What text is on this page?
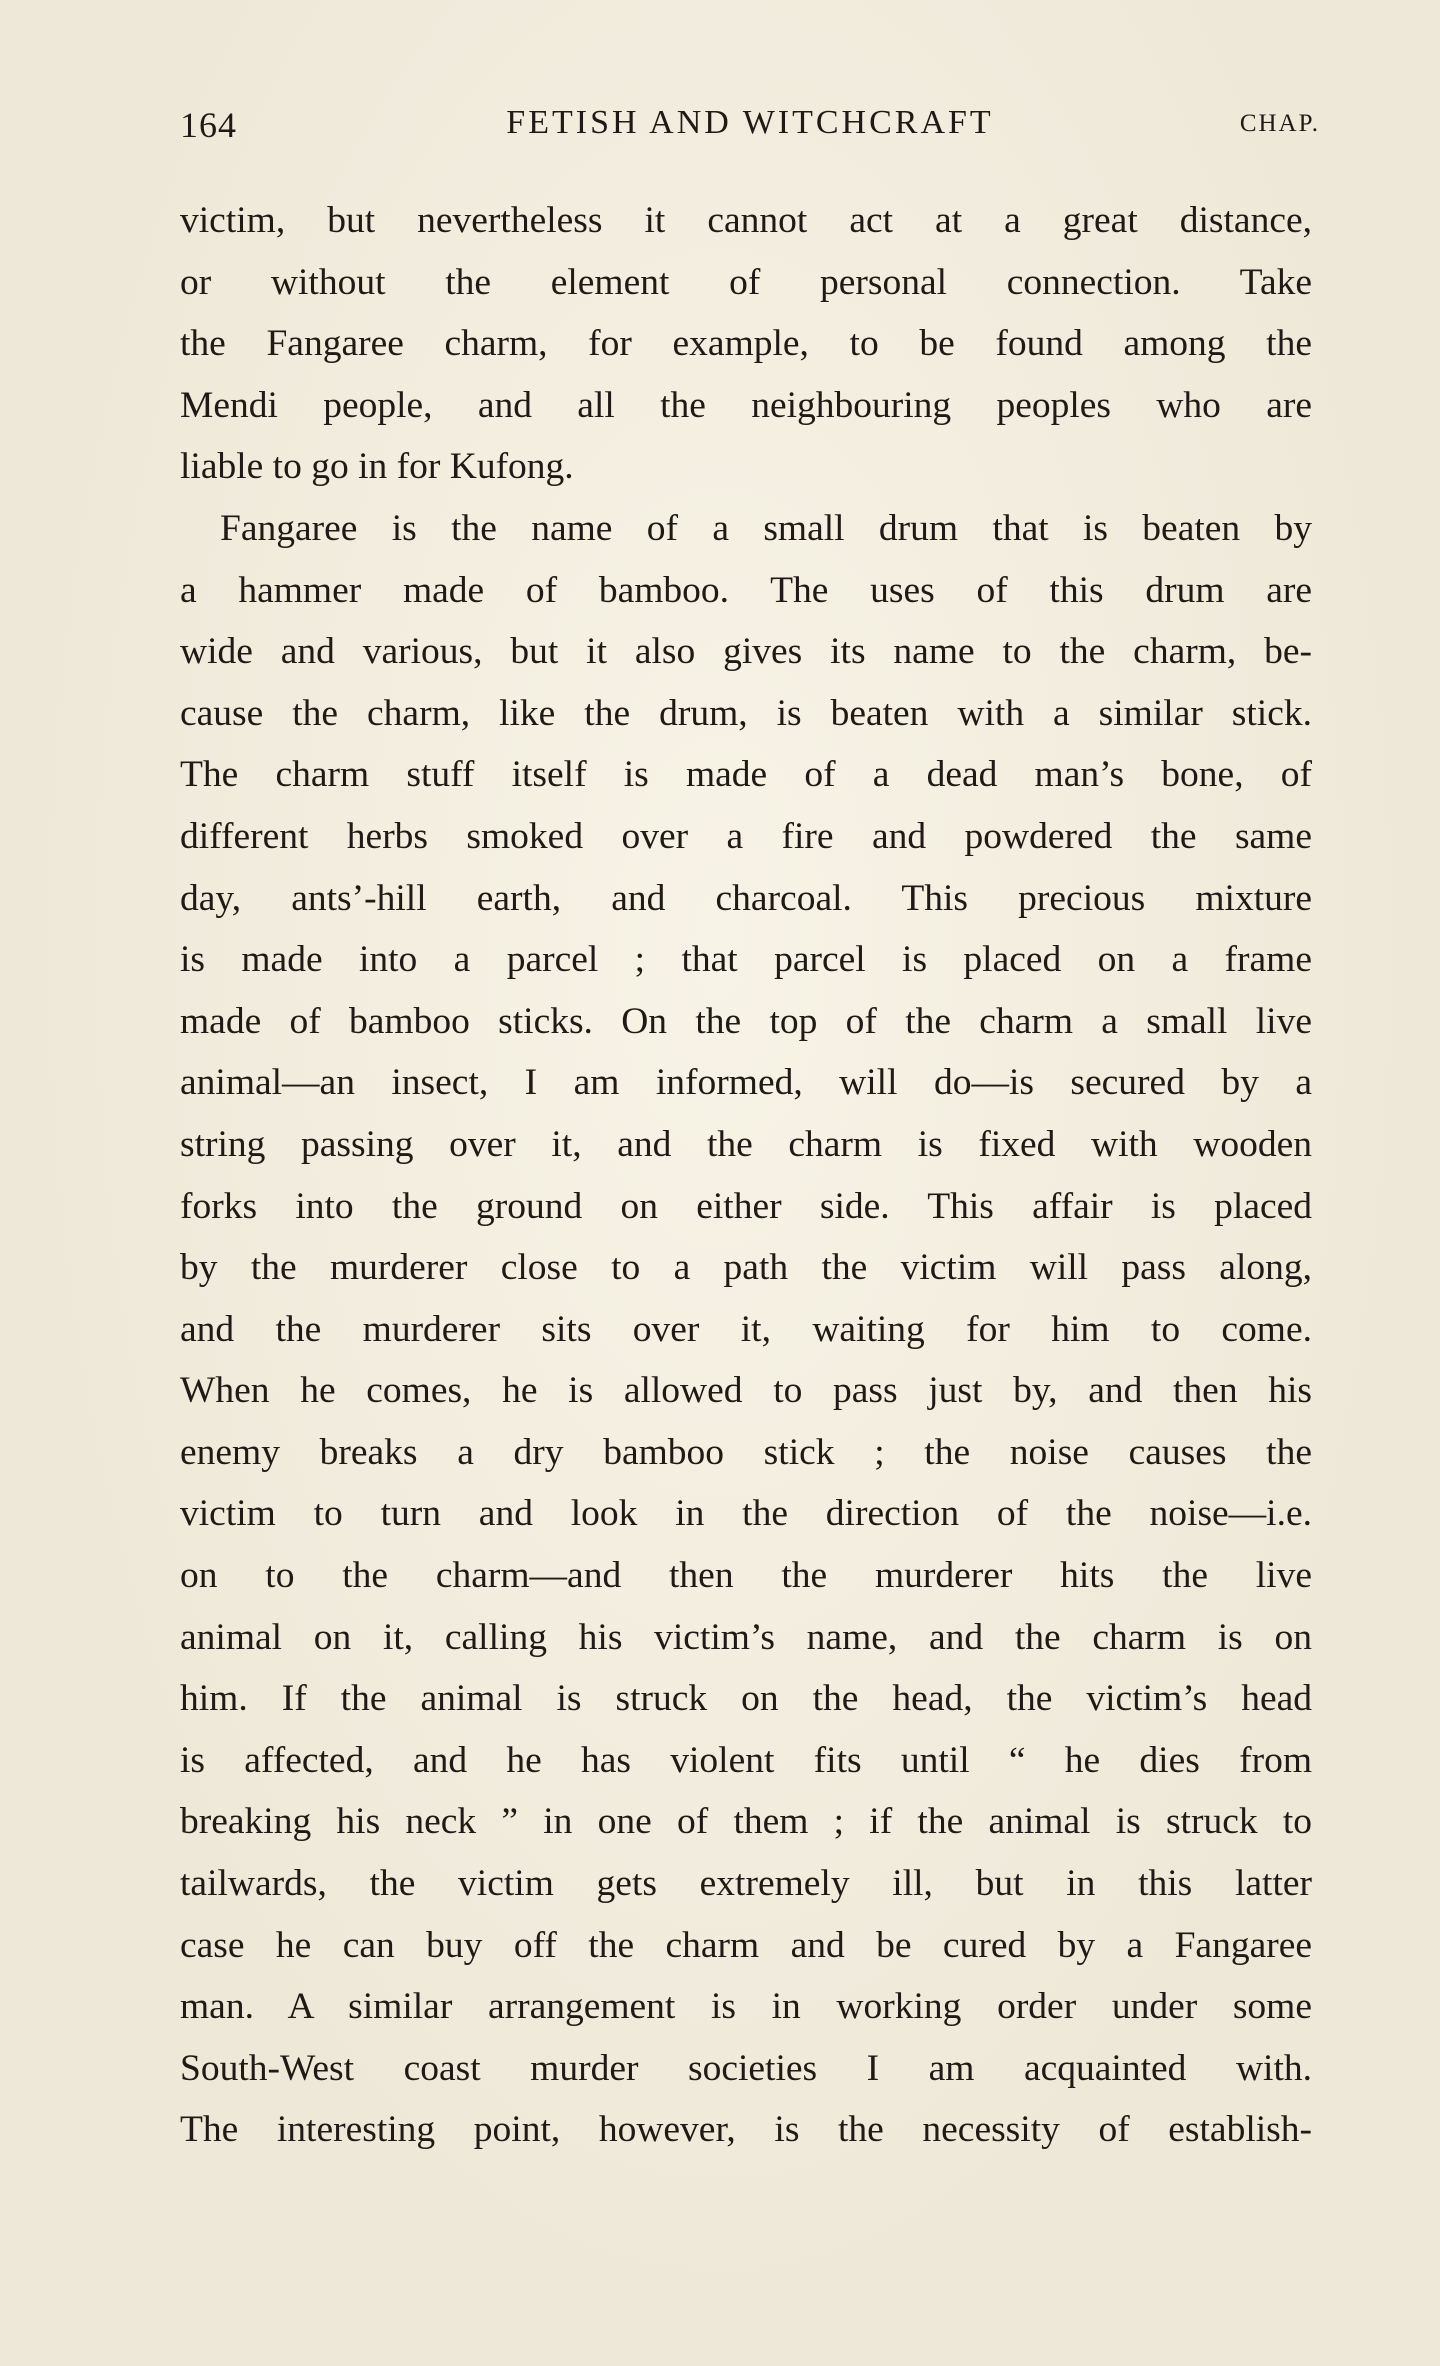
164	FETISH AND WITCHCRAFT	CHAP.
victim, but nevertheless it cannot act at a great distance,
or without the element of personal connection. Take
the Fangaree charm, for example, to be found among the
Mendi people, and all the neighbouring peoples who are
liable to go in for Kufong.
Fangaree is the name of a small drum that is beaten by
a hammer made of bamboo. The uses of this drum are
wide and various, but it also gives its name to the charm, be-
cause the charm, like the drum, is beaten with a similar stick.
The charm stuff itself is made of a dead man’s bone, of
different herbs smoked over a fire and powdered the same
day, ants’-hill earth, and charcoal. This precious mixture
is made into a parcel ; that parcel is placed on a frame
made of bamboo sticks. On the top of the charm a small live
animal—an insect, I am informed, will do—is secured by a
string passing over it, and the charm is fixed with wooden
forks into the ground on either side. This affair is placed
by the murderer close to a path the victim will pass along,
and the murderer sits over it, waiting for him to come.
When he comes, he is allowed to pass just by, and then his
enemy breaks a dry bamboo stick ; the noise causes the
victim to turn and look in the direction of the noise—i.e.
on to the charm—and then the murderer hits the live
animal on it, calling his victim’s name, and the charm is on
him. If the animal is struck on the head, the victim’s head
is affected, and he has violent fits until “ he dies from
breaking his neck ” in one of them ; if the animal is struck to
tailwards, the victim gets extremely ill, but in this latter
case he can buy off the charm and be cured by a Fangaree
man. A similar arrangement is in working order under some
South-West coast murder societies I am acquainted with.
The interesting point, however, is the necessity of establish-
